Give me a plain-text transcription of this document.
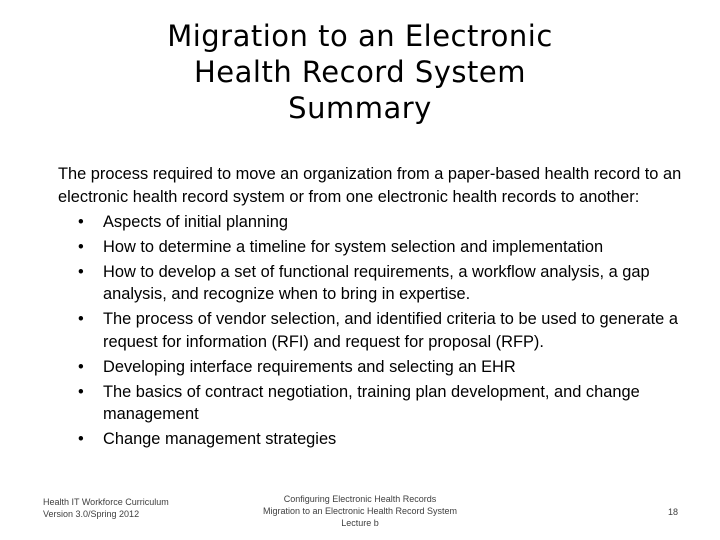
Migration to an Electronic
Health Record System
Summary

The process required to move an organization from a paper-based health record to an electronic health record system or from one electronic health records to another:

• Aspects of initial planning
• How to determine a timeline for system selection and implementation
• How to develop a set of functional requirements, a workflow analysis, a gap analysis, and recognize when to bring in expertise.
• The process of vendor selection, and identified criteria to be used to generate a request for information (RFI) and request for proposal (RFP).
• Developing interface requirements and selecting an EHR
• The basics of contract negotiation, training plan development, and change management
• Change management strategies
Health IT Workforce Curriculum
Version 3.0/Spring 2012
Configuring Electronic Health Records
Migration to an Electronic Health Record System
Lecture b
18
